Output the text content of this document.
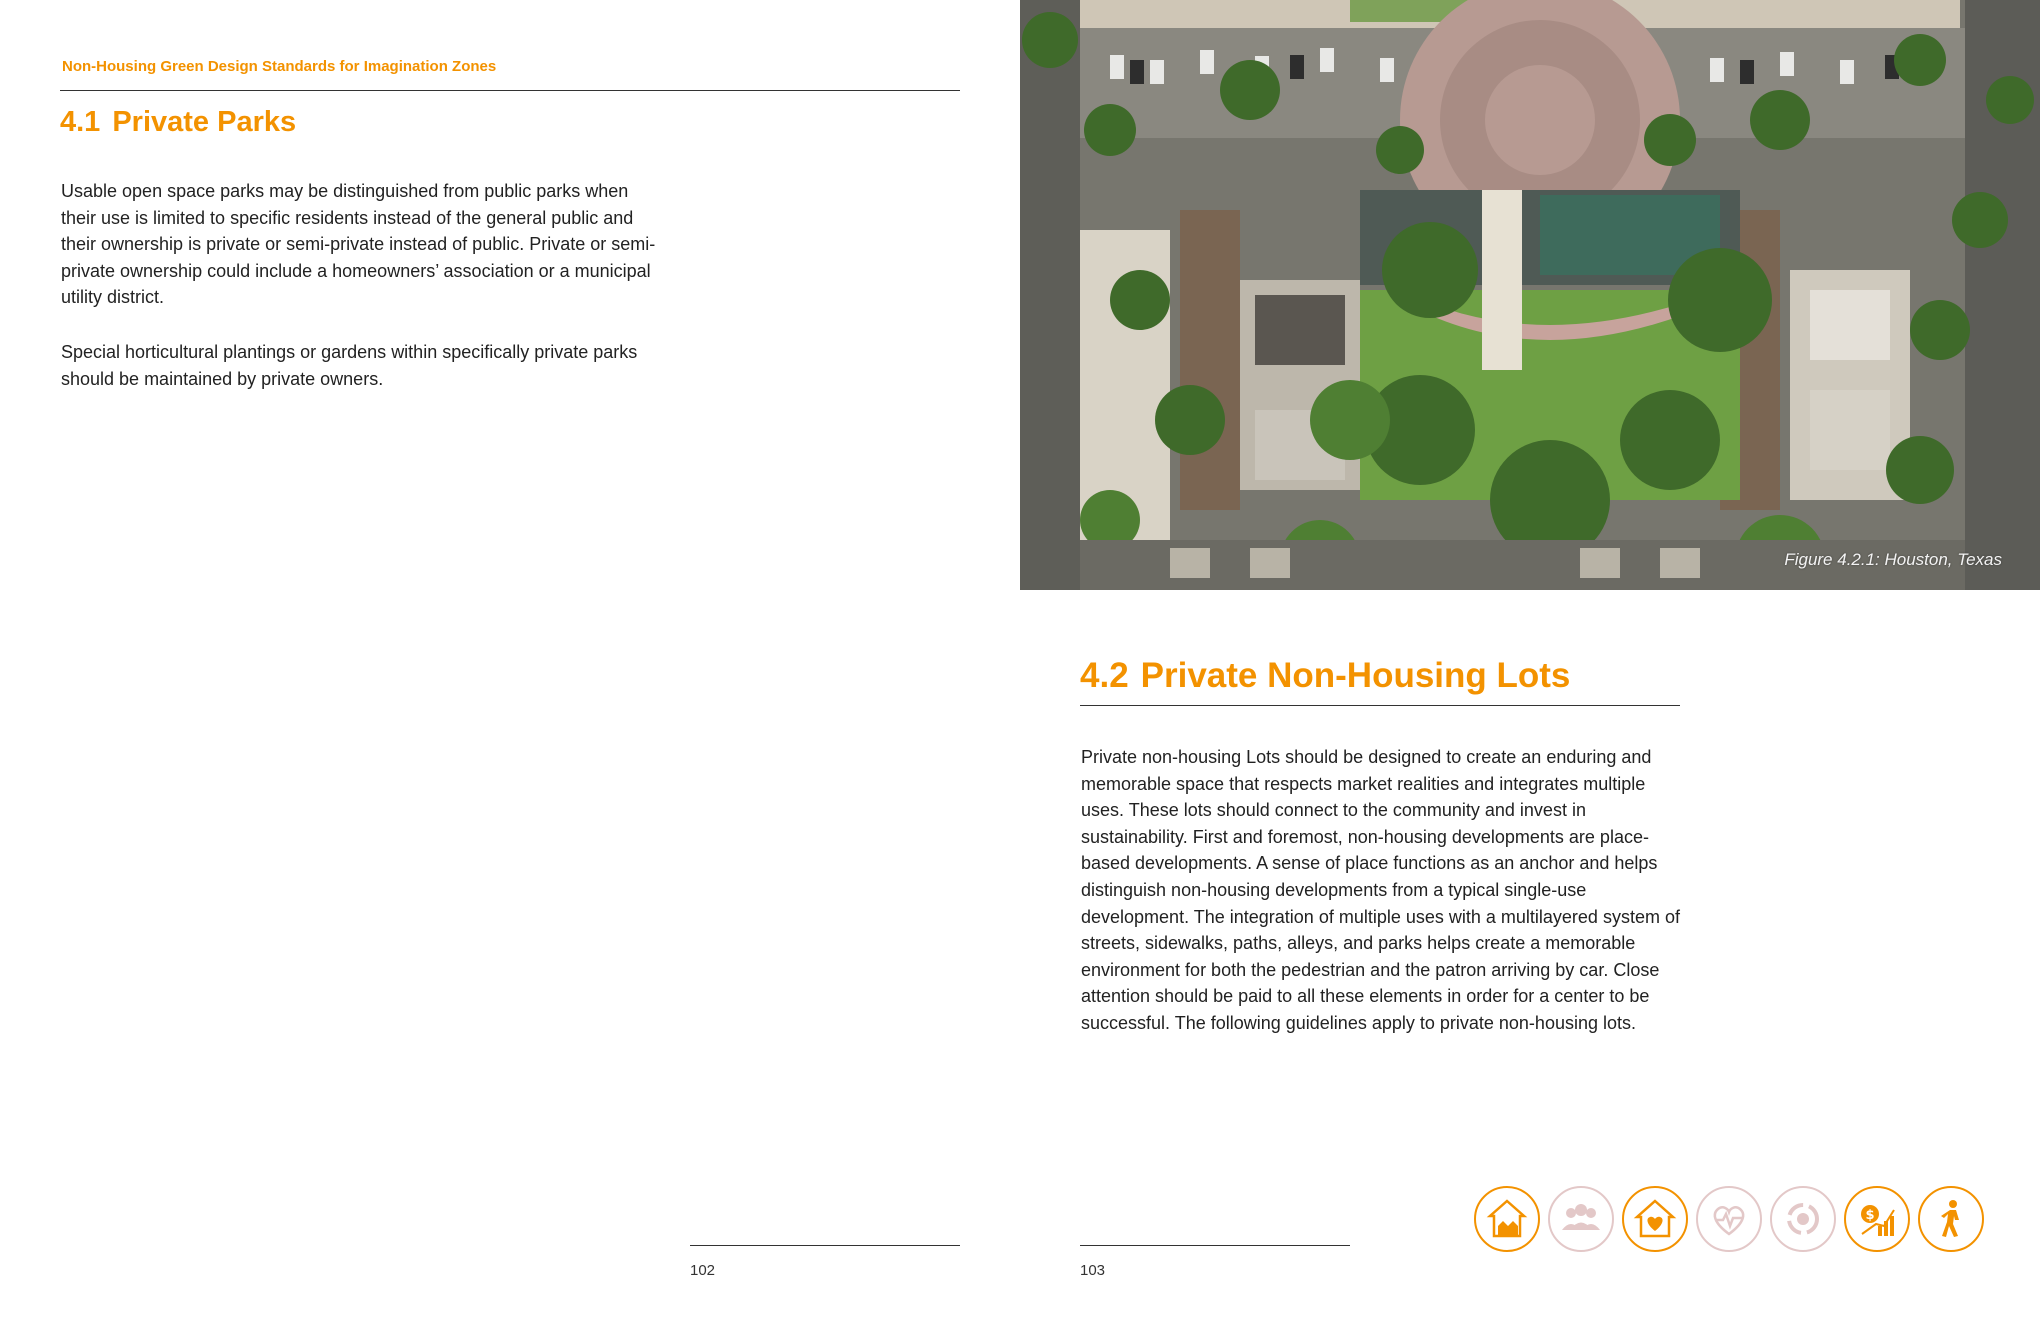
Non-Housing Green Design Standards for Imagination Zones
4.1 Private Parks

Usable open space parks may be distinguished from public parks when their use is limited to specific residents instead of the general public and their ownership is private or semi-private instead of public. Private or semi-private ownership could include a homeowners’ association or a municipal utility district.

Special horticultural plantings or gardens within specifically private parks should be maintained by private owners.

Figure 4.2.1: Houston, Texas
4.2 Private Non-Housing Lots

Private non-housing Lots should be designed to create an enduring and memorable space that respects market realities and integrates multiple uses. These lots should connect to the community and invest in sustainability. First and foremost, non-housing developments are place-based developments. A sense of place functions as an anchor and helps distinguish non-housing developments from a typical single-use development. The integration of multiple uses with a multilayered system of streets, sidewalks, paths, alleys, and parks helps create a memorable environment for both the pedestrian and the patron arriving by car. Close attention should be paid to all these elements in order for a center to be successful. The following guidelines apply to private non-housing lots.

$
102	103
